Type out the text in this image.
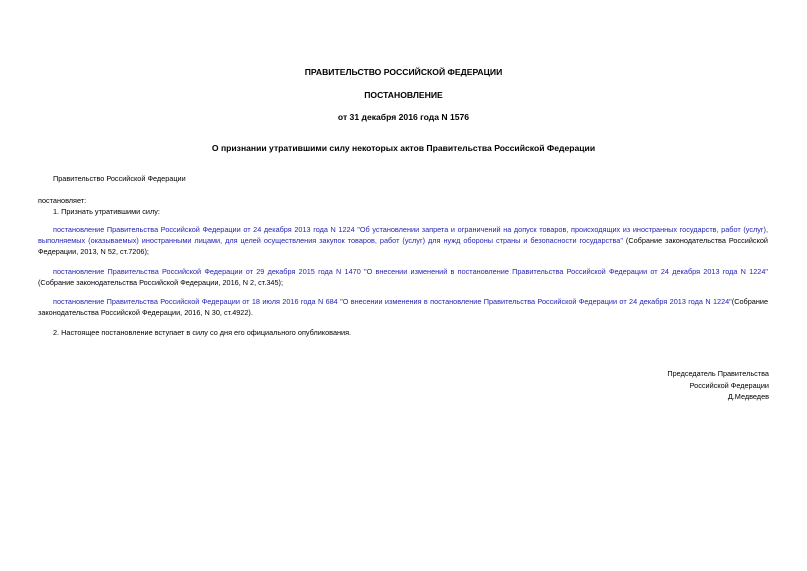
ПРАВИТЕЛЬСТВО РОССИЙСКОЙ ФЕДЕРАЦИИ
ПОСТАНОВЛЕНИЕ
от 31 декабря 2016 года N 1576
О признании утратившими силу некоторых актов Правительства Российской Федерации
Правительство Российской Федерации
постановляет:
1. Признать утратившими силу:
постановление Правительства Российской Федерации от 24 декабря 2013 года N 1224 "Об установлении запрета и ограничений на допуск товаров, происходящих из иностранных государств, работ (услуг), выполняемых (оказываемых) иностранными лицами, для целей осуществления закупок товаров, работ (услуг) для нужд обороны страны и безопасности государства" (Собрание законодательства Российской Федерации, 2013, N 52, ст.7206);
постановление Правительства Российской Федерации от 29 декабря 2015 года N 1470 "О внесении изменений в постановление Правительства Российской Федерации от 24 декабря 2013 года N 1224" (Собрание законодательства Российской Федерации, 2016, N 2, ст.345);
постановление Правительства Российской Федерации от 18 июля 2016 года N 684 "О внесении изменения в постановление Правительства Российской Федерации от 24 декабря 2013 года N 1224"(Собрание законодательства Российской Федерации, 2016, N 30, ст.4922).
2. Настоящее постановление вступает в силу со дня его официального опубликования.
Председатель Правительства
Российской Федерации
Д.Медведев
